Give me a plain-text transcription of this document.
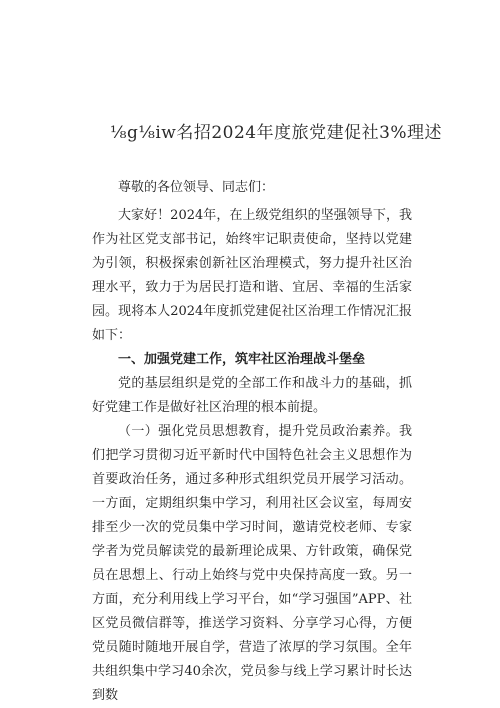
⅛g⅛iw名招2024年度旅党建促社3%理述

尊敬的各位领导、同志们：

大家好！2024年，在上级党组织的坚强领导下，我作为社区党支部书记，始终牢记职责使命，坚持以党建为引领，积极探索创新社区治理模式，努力提升社区治理水平，致力于为居民打造和谐、宜居、幸福的生活家园。现将本人2024年度抓党建促社区治理工作情况汇报如下：

一、加强党建工作，筑牢社区治理战斗堡垒

党的基层组织是党的全部工作和战斗力的基础，抓好党建工作是做好社区治理的根本前提。

（一）强化党员思想教育，提升党员政治素养。我们把学习贯彻习近平新时代中国特色社会主义思想作为首要政治任务，通过多种形式组织党员开展学习活动。一方面，定期组织集中学习，利用社区会议室，每周安排至少一次的党员集中学习时间，邀请党校老师、专家学者为党员解读党的最新理论成果、方针政策，确保党员在思想上、行动上始终与党中央保持高度一致。另一方面，充分利用线上学习平台，如“学习强国”APP、社区党员微信群等，推送学习资料、分享学习心得，方便党员随时随地开展自学，营造了浓厚的学习氛围。全年共组织集中学习40余次，党员参与线上学习累计时长达到数
